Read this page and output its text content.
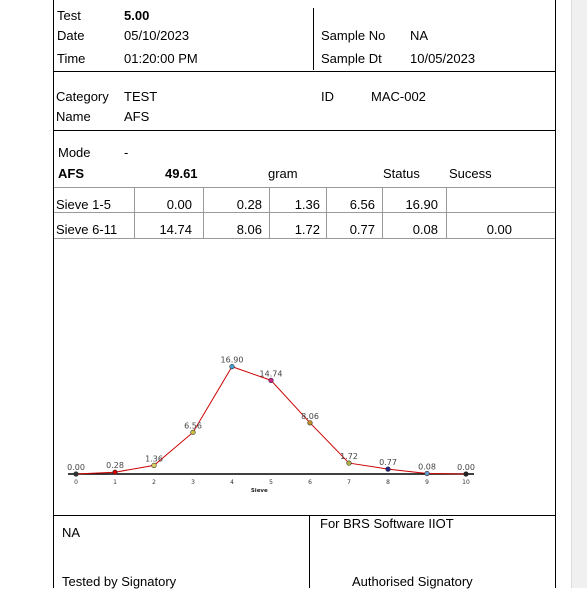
Test	5.00
Date	05/10/2023
Time	01:20:00 PM
Sample No NA
Sample Dt 10/05/2023
Category TEST	ID	MAC-002
Name	AFS
Mode	-
AFS	49.61	gram	Status Sucess
Sieve 1-5	0.00	0.28	1.36	6.56	16.90
Sieve 6-11	14.74	8.06	1.72	0.77	0.08	0.00
0	1	2	3	4	5	6	7	8	9	10
Sieve
0.00	0.28
1.36
6.56
16.90
14.74
8.06
1.72
0.77	0.08	0.00
NA
For BRS Software IIOT
Tested by Signatory	Authorised Signatory
